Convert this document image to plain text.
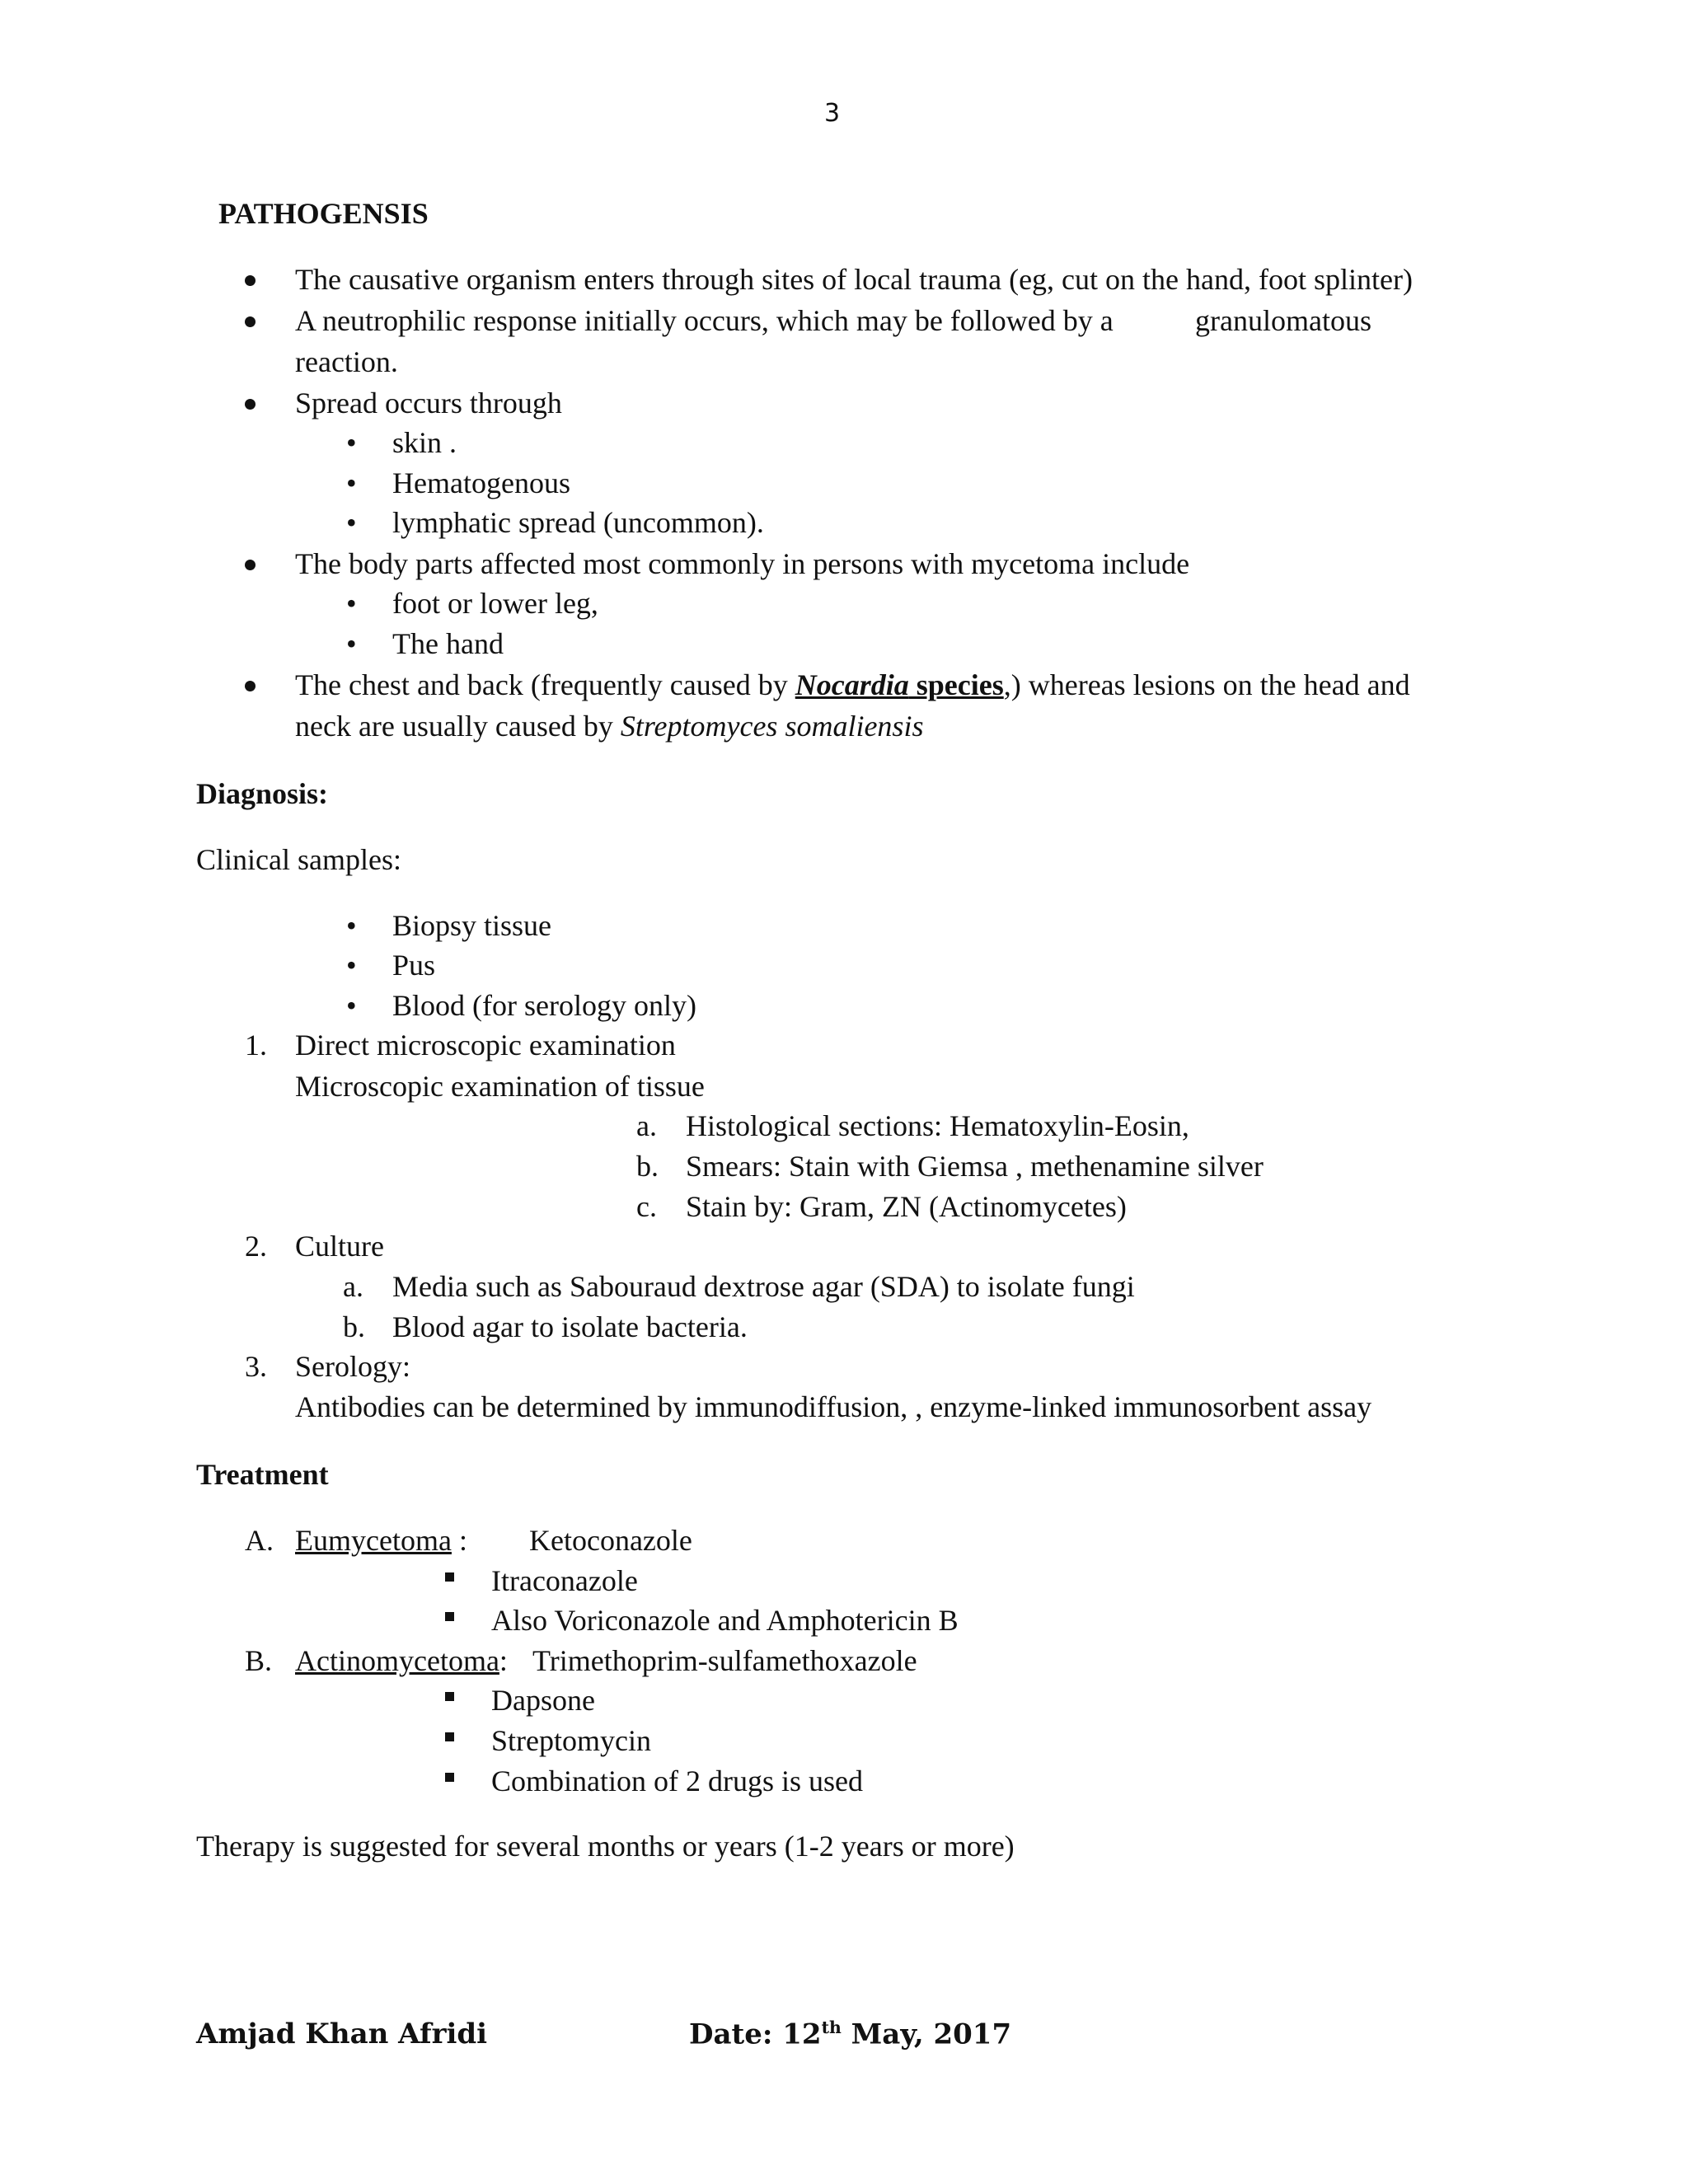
3
PATHOGENSIS
The causative organism enters through sites of local trauma (eg, cut on the hand, foot splinter)
A neutrophilic response initially occurs, which may be followed by a	granulomatous
reaction.
Spread occurs through
• skin .
• Hematogenous
• lymphatic spread (uncommon).
The body parts affected most commonly in persons with mycetoma include
• foot or lower leg,
• The hand
The chest and back (frequently caused by Nocardia species,) whereas lesions on the head and
neck are usually caused by Streptomyces somaliensis
Diagnosis:
Clinical samples:
• Biopsy tissue
• Pus
• Blood (for serology only)
1. Direct microscopic examination
Microscopic examination of tissue
a. Histological sections: Hematoxylin-Eosin,
b. Smears: Stain with Giemsa , methenamine silver
c. Stain by: Gram, ZN (Actinomycetes)
2. Culture
a. Media such as Sabouraud dextrose agar (SDA) to isolate fungi
b. Blood agar to isolate bacteria.
3. Serology:
Antibodies can be determined by immunodiffusion, , enzyme-linked immunosorbent assay
Treatment
A. Eumycetoma : Ketoconazole
Itraconazole
Also Voriconazole and Amphotericin B
B. Actinomycetoma: Trimethoprim-sulfamethoxazole
Dapsone
Streptomycin
Combination of 2 drugs is used
Therapy is suggested for several months or years (1-2 years or more)
Amjad Khan Afridi	Date: 12th May, 2017
